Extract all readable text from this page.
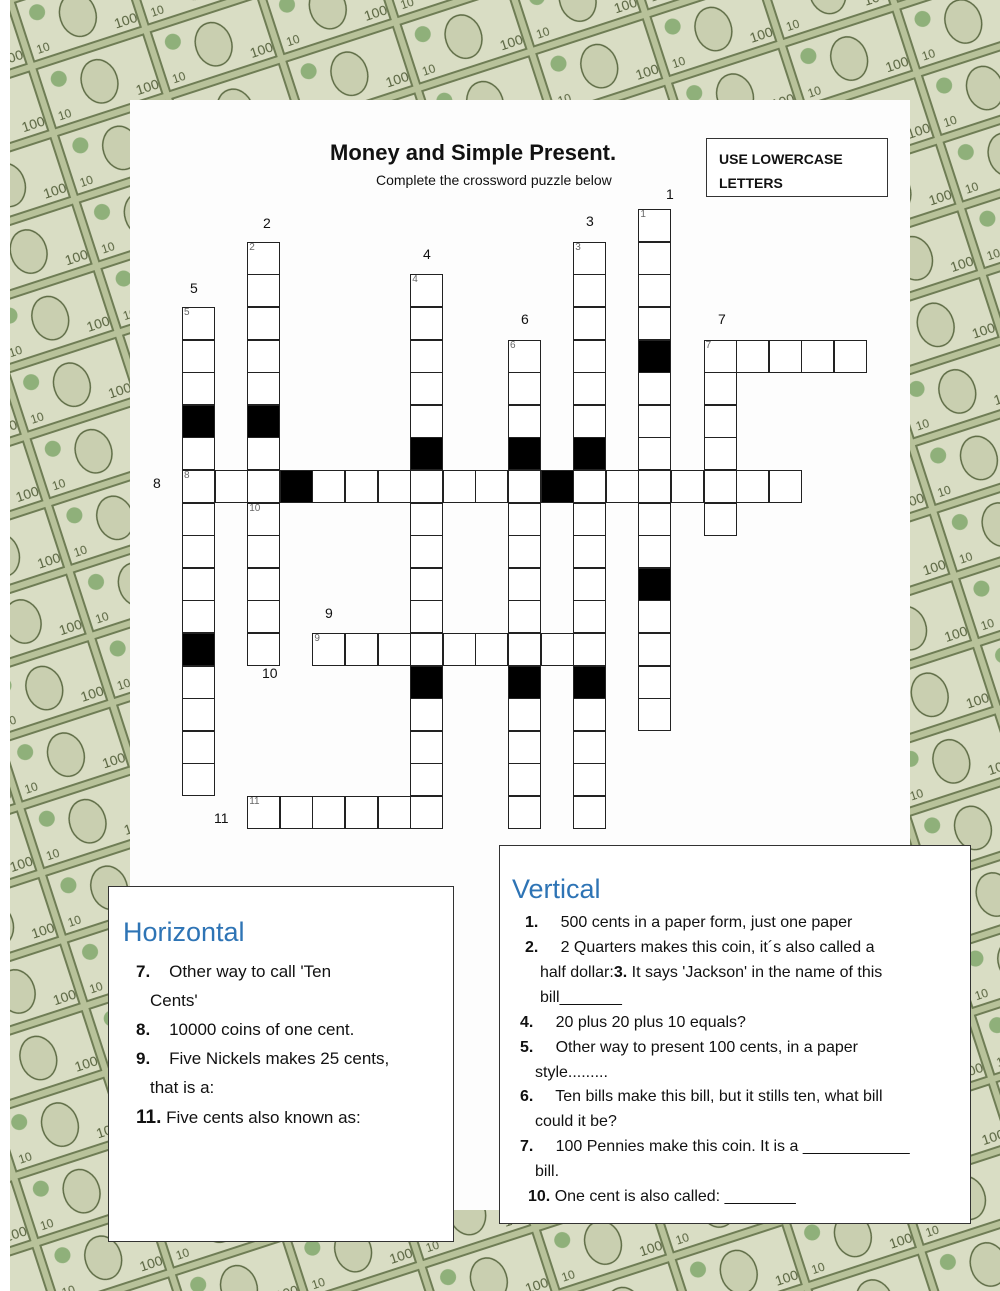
Money and Simple Present.
Complete the crossword puzzle below
USE LOWERCASE
LETTERS
5
8
2
10
4
6
3
1
7
9
11
1
2	3
4
5
6	7
8
9
10
11
Horizontal
7. Other way to call 'Ten
Cents'
8. 10000 coins of one cent.
9. Five Nickels makes 25 cents,
that is a:
11. Five cents also known as:
Vertical
1. 500 cents in a paper form, just one paper
2. 2 Quarters makes this coin, it´s also called a
half dollar:3. It says 'Jackson' in the name of this
bill_______
4. 20 plus 20 plus 10 equals?
5. Other way to present 100 cents, in a paper
style.........
6. Ten bills make this bill, but it stills ten, what bill
could it be?
7. 100 Pennies make this coin. It is a ____________
bill.
10. One cent is also called: ________
